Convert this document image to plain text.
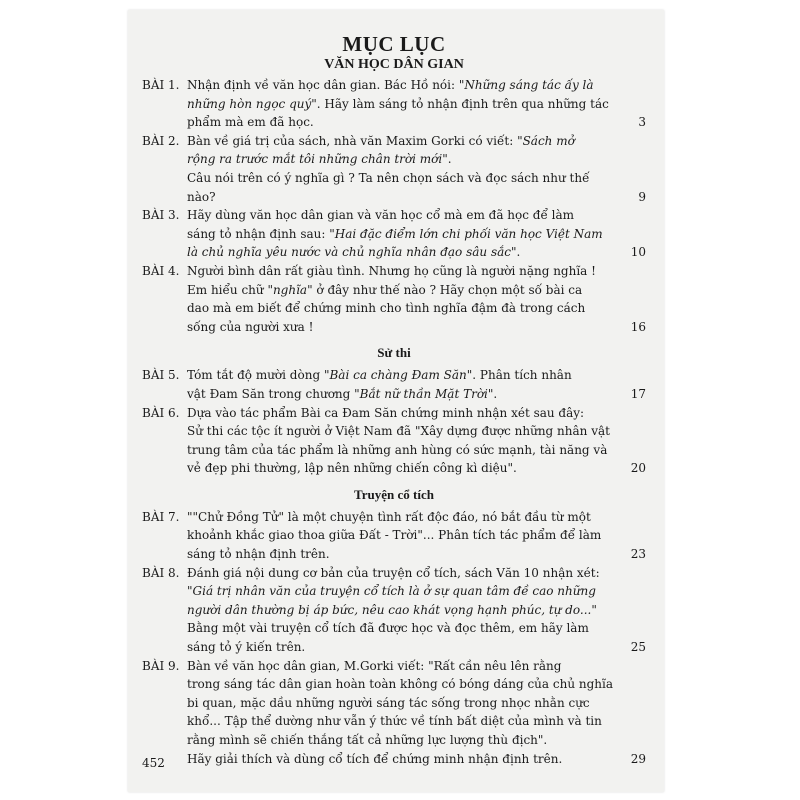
MỤC LỤC
VĂN HỌC DÂN GIAN
BÀI 1. Nhận định về văn học dân gian. Bác Hồ nói: "Những sáng tác ấy là
những hòn ngọc quý". Hãy làm sáng tỏ nhận định trên qua những tác
phẩm mà em đã học.	3
BÀI 2. Bàn về giá trị của sách, nhà văn Maxim Gorki có viết: "Sách mở
rộng ra trước mắt tôi những chân trời mới".
Câu nói trên có ý nghĩa gì ? Ta nên chọn sách và đọc sách như thế
nào?	9
BÀI 3. Hãy dùng văn học dân gian và văn học cổ mà em đã học để làm
sáng tỏ nhận định sau: "Hai đặc điểm lớn chi phối văn học Việt Nam
là chủ nghĩa yêu nước và chủ nghĩa nhân đạo sâu sắc".	10
BÀI 4. Người bình dân rất giàu tình. Nhưng họ cũng là người nặng nghĩa !
Em hiểu chữ "nghĩa" ở đây như thế nào ? Hãy chọn một số bài ca
dao mà em biết để chứng minh cho tình nghĩa đậm đà trong cách
sống của người xưa !	16
Sử thi
BÀI 5. Tóm tắt độ mười dòng "Bài ca chàng Đam Săn". Phân tích nhân
vật Đam Săn trong chương "Bắt nữ thần Mặt Trời".	17
BÀI 6. Dựa vào tác phẩm Bài ca Đam Săn chứng minh nhận xét sau đây:
Sử thi các tộc ít người ở Việt Nam đã "Xây dựng được những nhân vật
trung tâm của tác phẩm là những anh hùng có sức mạnh, tài năng và
vẻ đẹp phi thường, lập nên những chiến công kì diệu".	20
Truyện cổ tích
BÀI 7. ""Chử Đồng Tử" là một chuyện tình rất độc đáo, nó bắt đầu từ một
khoảnh khắc giao thoa giữa Đất - Trời"... Phân tích tác phẩm để làm
sáng tỏ nhận định trên.	23
BÀI 8. Đánh giá nội dung cơ bản của truyện cổ tích, sách Văn 10 nhận xét:
"Giá trị nhân văn của truyện cổ tích là ở sự quan tâm đề cao những
người dân thường bị áp bức, nêu cao khát vọng hạnh phúc, tự do..."
Bằng một vài truyện cổ tích đã được học và đọc thêm, em hãy làm
sáng tỏ ý kiến trên.	25
BÀI 9. Bàn về văn học dân gian, M.Gorki viết: "Rất cần nêu lên rằng
trong sáng tác dân gian hoàn toàn không có bóng dáng của chủ nghĩa
bi quan, mặc dầu những người sáng tác sống trong nhọc nhằn cực
khổ... Tập thể dường như vẫn ý thức về tính bất diệt của mình và tin
rằng mình sẽ chiến thắng tất cả những lực lượng thù địch".
Hãy giải thích và dùng cổ tích để chứng minh nhận định trên.	29
452
